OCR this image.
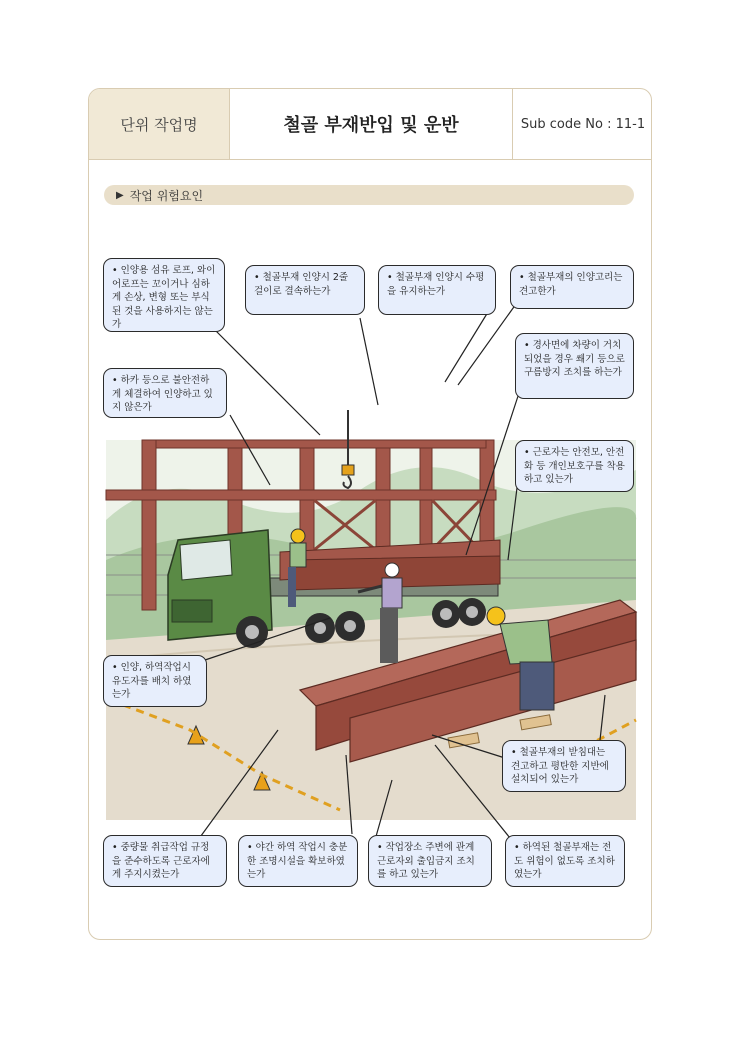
단위 작업명	철골 부재반입 및 운반	Sub code No : 11-1
▶ 작업 위험요인
• 인양용 섬유 로프, 와이어로프는 꼬이거나 심하게 손상, 변형 또는 부식된 것을 사용하지는 않는가
• 철골부재 인양시 2줄 걸이로 결속하는가
• 철골부재 인양시 수평을 유지하는가
• 철골부재의 인양고리는 견고한가
• 하카 등으로 불안전하게 체결하여 인양하고 있지 않은가
• 경사면에 차량이 거치되었을 경우 쐐기 등으로 구름방지 조치를 하는가
• 근로자는 안전모, 안전화 등 개인보호구를 착용하고 있는가
• 인양, 하역작업시 유도자를 배치 하였는가
• 철골부재의 받침대는 견고하고 평탄한 지반에 설치되어 있는가
• 중량물 취급작업 규정을 준수하도록 근로자에게 주지시켰는가
• 야간 하역 작업시 충분한 조명시설을 확보하였는가
• 작업장소 주변에 관계 근로자외 출입금지 조치를 하고 있는가
• 하역된 철골부재는 전도 위험이 없도록 조치하였는가
